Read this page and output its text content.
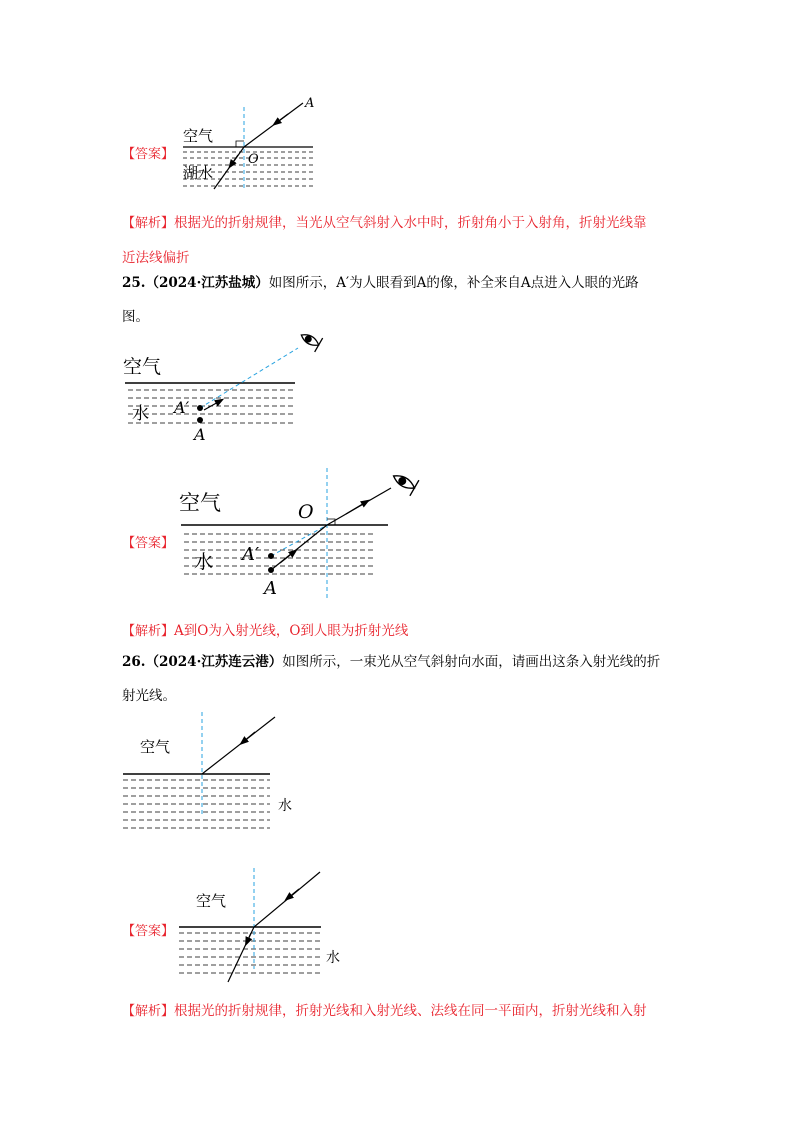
【答案】
A
O
空气
湖水
【解析】根据光的折射规律，当光从空气斜射入水中时，折射角小于入射角，折射光线靠
近法线偏折
25.（2024·江苏盐城）如图所示，A′为人眼看到A的像，补全来自A点进入人眼的光路
图。
空气
水 A′
A
【答案】
空气
水
O
A′
A
【解析】A到O为入射光线，O到人眼为折射光线
26.（2024·江苏连云港）如图所示，一束光从空气斜射向水面，请画出这条入射光线的折
射光线。
空气
水
【答案】
空气
水
【解析】根据光的折射规律，折射光线和入射光线、法线在同一平面内，折射光线和入射
